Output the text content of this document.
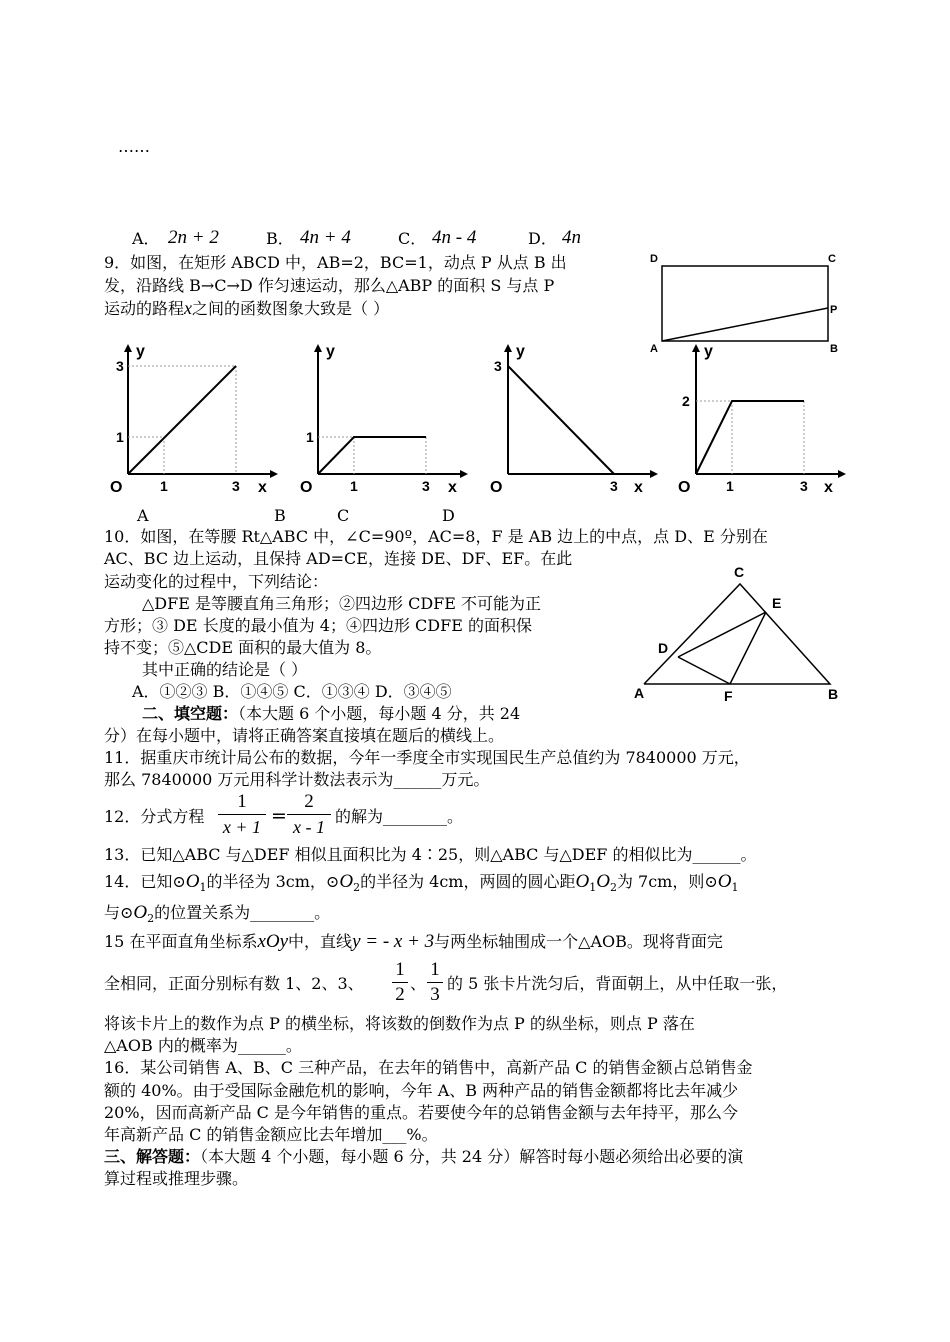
……
A． 2n + 2	B． 4n + 4	C． 4n - 4	D． 4n
9．如图，在矩形 ABCD 中，AB=2，BC=1，动点 P 从点 B 出
发，沿路线 B→C→D 作匀速运动，那么△ABP 的面积 S 与点 P
运动的路程x之间的函数图象大致是（ ）
D	C
A	B
P
y
3
1
O	1	3 x
A
y
1
O	1	3 x
B
y
3
O	3 x
C
y
2
O	1	3 x
D
10．如图，在等腰 Rt△ABC 中，∠C=90º，AC=8，F 是 AB 边上的中点，点 D、E 分别在
AC、BC 边上运动，且保持 AD=CE，连接 DE、DF、EF。在此
运动变化的过程中，下列结论：
△DFE 是等腰直角三角形；②四边形 CDFE 不可能为正
方形；③ DE 长度的最小值为 4；④四边形 CDFE 的面积保
持不变；⑤△CDE 面积的最大值为 8。
其中正确的结论是（ ）
A．①②③ B．①④⑤ C．①③④ D．③④⑤
C
E
D
A	F	B
二、填空题：（本大题 6 个小题，每小题 4 分，共 24
分）在每小题中，请将正确答案直接填在题后的横线上。
11．据重庆市统计局公布的数据，今年一季度全市实现国民生产总值约为 7840000 万元，
那么 7840000 万元用科学计数法表示为______万元。
12．分式方程 $\frac{1}{x + 1} = \frac{2}{x - 1}$ 的解为________。
13．已知△ABC 与△DEF 相似且面积比为 4∶25，则△ABC 与△DEF 的相似比为______。
14．已知$⊙O_1$的半径为 3cm，$⊙O_2$的半径为 4cm，两圆的圆心距$O_1O_2$为 7cm，则$⊙O_1$
与$⊙O_2$的位置关系为________。
15 在平面直角坐标系xOy中，直线y = - x + 3与两坐标轴围成一个△AOB。现将背面完
全相同，正面分别标有数 1、2、3、 $\frac{1}{2}$ 、 $\frac{1}{3}$ 的 5 张卡片洗匀后，背面朝上，从中任取一张，
将该卡片上的数作为点 P 的横坐标，将该数的倒数作为点 P 的纵坐标，则点 P 落在
△AOB 内的概率为______。
16．某公司销售 A、B、C 三种产品，在去年的销售中，高新产品 C 的销售金额占总销售金
额的 40%。由于受国际金融危机的影响，今年 A、B 两种产品的销售金额都将比去年减少
20%，因而高新产品 C 是今年销售的重点。若要使今年的总销售金额与去年持平，那么今
年高新产品 C 的销售金额应比去年增加___%。
三、解答题：（本大题 4 个小题，每小题 6 分，共 24 分）解答时每小题必须给出必要的演
算过程或推理步骤。
